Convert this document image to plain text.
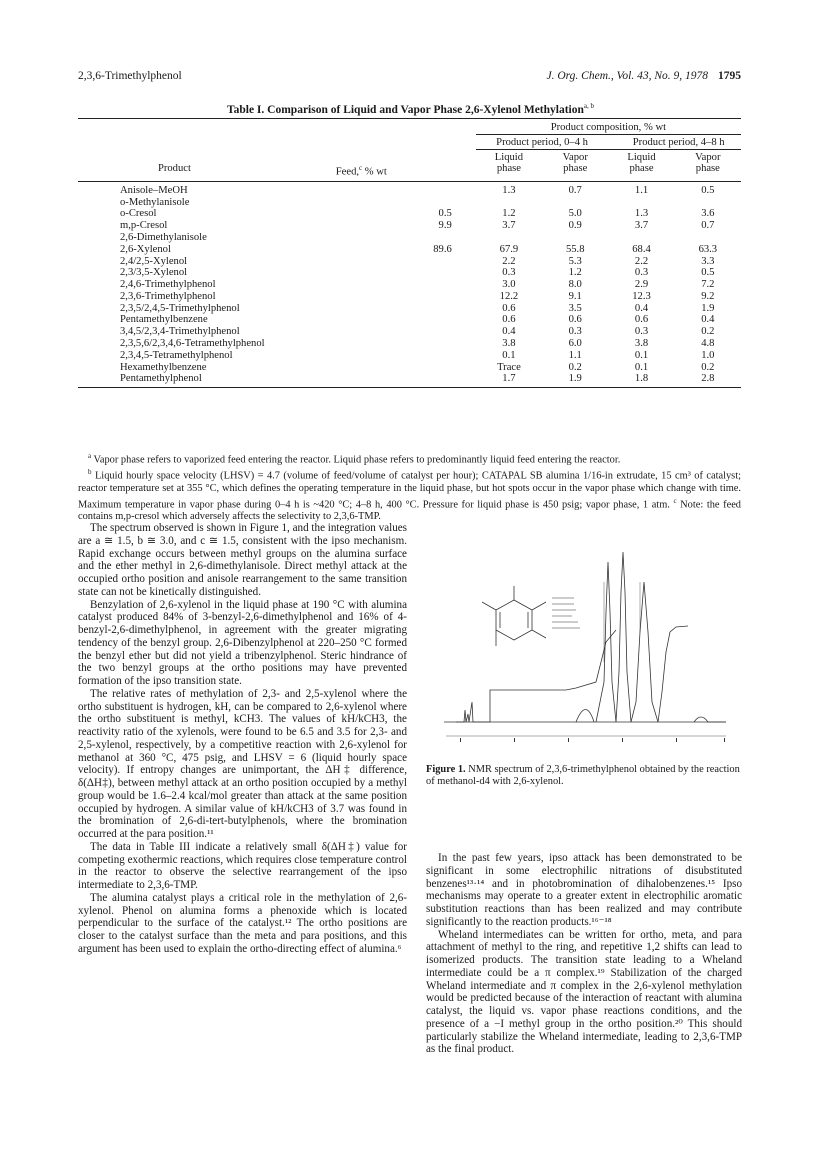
2,3,6-Trimethylphenol	J. Org. Chem., Vol. 43, No. 9, 1978 1795
Table I. Comparison of Liquid and Vapor Phase 2,6-Xylenol Methylation$^{a, b}$
		Product composition, % wt			
		Product period, 0–4 h		Product period, 4–8 h	
		Liquid	Vapor	Liquid	Vapor
Product	Feed,$^c$ % wt	phase	phase	phase	phase
Anisole–MeOH		1.3	0.7	1.1	0.5
o-Methylanisole					
o-Cresol	0.5	1.2	5.0	1.3	3.6
m,p-Cresol	9.9	3.7	0.9	3.7	0.7
2,6-Dimethylanisole					
2,6-Xylenol	89.6	67.9	55.8	68.4	63.3
2,4/2,5-Xylenol		2.2	5.3	2.2	3.3
2,3/3,5-Xylenol		0.3	1.2	0.3	0.5
2,4,6-Trimethylphenol		3.0	8.0	2.9	7.2
2,3,6-Trimethylphenol		12.2	9.1	12.3	9.2
2,3,5/2,4,5-Trimethylphenol		0.6	3.5	0.4	1.9
Pentamethylbenzene		0.6	0.6	0.6	0.4
3,4,5/2,3,4-Trimethylphenol		0.4	0.3	0.3	0.2
2,3,5,6/2,3,4,6-Tetramethylphenol		3.8	6.0	3.8	4.8
2,3,4,5-Tetramethylphenol		0.1	1.1	0.1	1.0
Hexamethylbenzene		Trace	0.2	0.1	0.2
Pentamethylphenol		1.7	1.9	1.8	2.8

$^a$ Vapor phase refers to vaporized feed entering the reactor. Liquid phase refers to predominantly liquid feed entering the reactor.

$^b$ Liquid hourly space velocity (LHSV) = 4.7 (volume of feed/volume of catalyst per hour); CATAPAL SB alumina 1/16-in extrudate, 15 cm³ of catalyst; reactor temperature set at 355 °C, which defines the operating temperature in the liquid phase, but hot spots occur in the vapor phase which change with time. Maximum temperature in vapor phase during 0–4 h is ~420 °C; 4–8 h, 400 °C. Pressure for liquid phase is 450 psig; vapor phase, 1 atm. $^c$ Note: the feed contains m,p-cresol which adversely affects the selectivity to 2,3,6-TMP.

The spectrum observed is shown in Figure 1, and the integration values are a ≅ 1.5, b ≅ 3.0, and c ≅ 1.5, consistent with the ipso mechanism. Rapid exchange occurs between methyl groups on the alumina surface and the ether methyl in 2,6-dimethylanisole. Direct methyl attack at the occupied ortho position and anisole rearrangement to the same transition state can not be kinetically distinguished.

Benzylation of 2,6-xylenol in the liquid phase at 190 °C with alumina catalyst produced 84% of 3-benzyl-2,6-dimethylphenol and 16% of 4-benzyl-2,6-dimethylphenol, in agreement with the greater migrating tendency of the benzyl group. 2,6-Dibenzylphenol at 220–250 °C formed the benzyl ether but did not yield a tribenzylphenol. Steric hindrance of the two benzyl groups at the ortho positions may have prevented formation of the ipso transition state.

The relative rates of methylation of 2,3- and 2,5-xylenol where the ortho substituent is hydrogen, kH, can be compared to 2,6-xylenol where the ortho substituent is methyl, kCH3. The values of kH/kCH3, the reactivity ratio of the xylenols, were found to be 6.5 and 3.5 for 2,3- and 2,5-xylenol, respectively, by a competitive reaction with 2,6-xylenol for methanol at 360 °C, 475 psig, and LHSV = 6 (liquid hourly space velocity). If entropy changes are unimportant, the ΔH‡ difference, δ(ΔH‡), between methyl attack at an ortho position occupied by a methyl group would be 1.6–2.4 kcal/mol greater than attack at the same position occupied by hydrogen. A similar value of kH/kCH3 of 3.7 was found in the bromination of 2,6-di-tert-butylphenols, where the bromination occurred at the para position.¹¹

The data in Table III indicate a relatively small δ(ΔH‡) value for competing exothermic reactions, which requires close temperature control in the reactor to observe the selective rearrangement of the ipso intermediate to 2,3,6-TMP.

The alumina catalyst plays a critical role in the methylation of 2,6-xylenol. Phenol on alumina forms a phenoxide which is located perpendicular to the surface of the catalyst.¹² The ortho positions are closer to the catalyst surface than the meta and para positions, and this argument has been used to explain the ortho-directing effect of alumina.⁶

Figure 1. NMR spectrum of 2,3,6-trimethylphenol obtained by the reaction of methanol-d4 with 2,6-xylenol.

In the past few years, ipso attack has been demonstrated to be significant in some electrophilic nitrations of disubstituted benzenes¹³·¹⁴ and in photobromination of dihalobenzenes.¹⁵ Ipso mechanisms may operate to a greater extent in electrophilic aromatic substitution reactions than has been realized and may contribute significantly to the reaction products.¹⁶⁻¹⁸

Wheland intermediates can be written for ortho, meta, and para attachment of methyl to the ring, and repetitive 1,2 shifts can lead to isomerized products. The transition state leading to a Wheland intermediate could be a π complex.¹⁹ Stabilization of the charged Wheland intermediate and π complex in the 2,6-xylenol methylation would be predicted because of the interaction of reactant with alumina catalyst, the liquid vs. vapor phase reactions conditions, and the presence of a −I methyl group in the ortho position.²⁰ This should particularly stabilize the Wheland intermediate, leading to 2,3,6-TMP as the final product.
